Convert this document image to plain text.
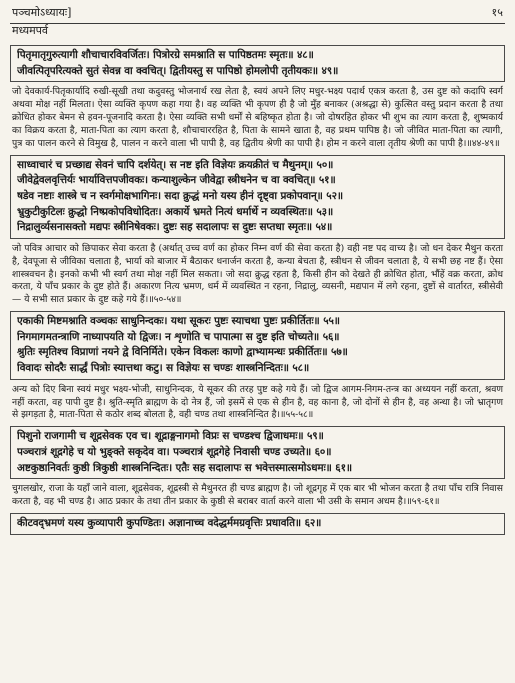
पञ्चमोऽध्यायः]	१५
मध्यमपर्व
पितृमातृगुरुत्यागी शौचाचारविवर्जितः। पित्रोरग्रे समश्नाति स पापिष्ठतमः स्मृतः॥ ४८॥
जीवत्पितृपरित्यक्ते सुतं सेवन्न वा क्वचित्। द्वितीयस्तु स पापिष्ठो होमलोपी तृतीयकः॥ ४९॥
जो देवकार्य-पितृकार्यादि रुखी-सूखी तथा कदुवस्तु भोजनार्थ रख लेता है, स्वयं अपने लिए मधुर-भक्ष्य पदार्थ एकत्र करता है, उस दुष्ट को कदापि स्वर्ग अथवा मोक्ष नहीं मिलता। ऐसा व्यक्ति कृपण कहा गया है। वह व्यक्ति भी कृपण ही है जो मुँह बनाकर (अश्रद्धा से) कुत्सित वस्तु प्रदान करता है तथा क्रोधित होकर बेमन से हवन-पूजनादि करता है। ऐसा व्यक्ति सभी धर्मों से बहिष्कृत होता है। जो दोषरहित होकर भी शुभ का त्याग करता है, शुष्मकार्य का विक्रय करता है, माता-पिता का त्याग करता है, शौचाचाररहित है, पिता के सामने खाता है, वह प्रथम पापिष्ठ है। जो जीवित माता-पिता का त्यागी, पुत्र का पालन करने से विमुख है, पालन न करने वाला भी पापी है, वह द्वितीय श्रेणी का पापी है। होम न करने वाला तृतीय श्रेणी का पापी है।॥४४-४९॥
साध्वाचारं च प्रच्छाद्य सेवनं चापि दर्शयेत्। स नष्ट इति विज्ञेयः क्रयक्रीतं च मैथुनम्॥ ५०॥
जीवेद्वेवलवृत्तिर्यः भार्यावित्तपजीवकः। कन्याशुल्केन जीवेद्वा स्त्रीधनेन च वा क्वचित्॥ ५१॥
षडेव नष्टाः शास्त्रे च न स्वर्गमोक्षभागिनः। सदा क्रुद्धं मनो यस्य हीनं दृष्ट्वा प्रकोपवान्॥ ५२॥
भ्रुकुटीकुटिलः क्रुद्धो निष्प्रकोपविधोदितः। अकार्ये भ्रमते नित्यं धर्मार्थे न व्यवस्थितः॥ ५३॥
निद्रालुर्व्यसनासक्तो मद्यपः स्त्रीनिषेवकः। दुष्टः सह सदालापः स दुष्टः सप्तधा स्मृतः॥ ५४॥
जो पवित्र आचार को छिपाकर सेवा करता है (अर्थात् उच्च वर्ण का होकर निम्न वर्ण की सेवा करता है) वही नष्ट पद वाच्य है। जो धन देकर मैथुन करता है, देवपूजा से जीविका चलाता है, भार्या को बाजार में बैठाकर धनार्जन करता है, कन्या बेचता है, स्त्रीधन से जीवन चलाता है, ये सभी छह नष्ट हैं। ऐसा शास्त्रवचन है। इनको कभी भी स्वर्ग तथा मोक्ष नहीं मिल सकता। जो सदा क्रुद्ध रहता है, किसी हीन को देखते ही क्रोधित होता, भौंहें वक्र करता, क्रोध करता, ये पाँच प्रकार के दुष्ट होते हैं। अकारण नित्य भ्रमण, धर्म में व्यवस्थित न रहना, निद्रालु, व्यसनी, मद्यपान में लगे रहना, दुष्टों से वार्तारत, स्त्रीसेवी— ये सभी सात प्रकार के दुष्ट कहे गये हैं।॥५०-५४॥
एकाकी मिष्टमश्नाति वञ्चकः साधुनिन्दकः। यथा सूकरः पुष्टः स्याचथा पुष्टः प्रकीर्तितः॥ ५५॥
निगमागमतन्त्राणि नाध्यापयति यो द्विजः। न शृणोति च पापात्मा स दुष्ट इति चोच्यते॥ ५६॥
श्रुतिः स्मृतिश्च विप्राणां नयने द्वे विनिर्मिते। एकेन विकलः काणो द्वाभ्यामन्धः प्रकीर्तितः॥ ५७॥
विवादः सोदरैः सार्द्धं पित्रोः स्यात्तथा कटु। स विज्ञेयः स चण्डः शास्त्रनिन्दितः॥ ५८॥
अन्य को दिए बिना स्वयं मधुर भक्ष्य-भोजी, साधुनिन्दक, ये सूकर की तरह पुष्ट कहे गये हैं। जो द्विज आगम-निगम-तन्त्र का अध्ययन नहीं करता, श्रवण नहीं करता, वह पापी दुष्ट है। श्रुति-स्मृति ब्राह्मण के दो नेत्र हैं, जो इसमें से एक से हीन है, वह काना है, जो दोनों से हीन है, वह अन्धा है। जो भ्रातृगण से झगड़ता है, माता-पिता से कठोर शब्द बोलता है, वही चण्ड तथा शास्त्रनिन्दित है।॥५५-५८॥
पिशुनो राजगामी च शूद्रसेवक एव च। शूद्राङ्गनागमो विप्रः स चण्डश्च द्विजाधमः॥ ५९॥
पञ्चरात्रं शूद्रगेहे च यो भुङ्क्ते सकृदेव वा। पञ्चरात्रं शूद्रगेहे निवासी चण्ड उच्यते॥ ६०॥
अष्टकुष्ठानिवर्तः कुष्ठी त्रिकुष्ठी शास्त्रनिन्दितः। एतैः सह सदालापः स भवेत्तस्मात्समोऽधमः॥ ६१॥
चुगलखोर, राजा के यहाँ जाने वाला, शूद्रसेवक, शूद्रस्त्री से मैथुनरत ही चण्ड ब्राह्मण है। जो शूद्रगृह में एक बार भी भोजन करता है तथा पाँच रात्रि निवास करता है, वह भी चण्ड है। आठ प्रकार के तथा तीन प्रकार के कुष्ठी से बराबर वार्ता करने वाला भी उसी के समान अधम है।॥५९-६१॥
कीटवद्भ्रमणं यस्य कुव्यापारी कुपण्डितः। अज्ञानाच्च वदेद्धर्ममग्रवृत्तिः प्रधावति॥ ६२॥
